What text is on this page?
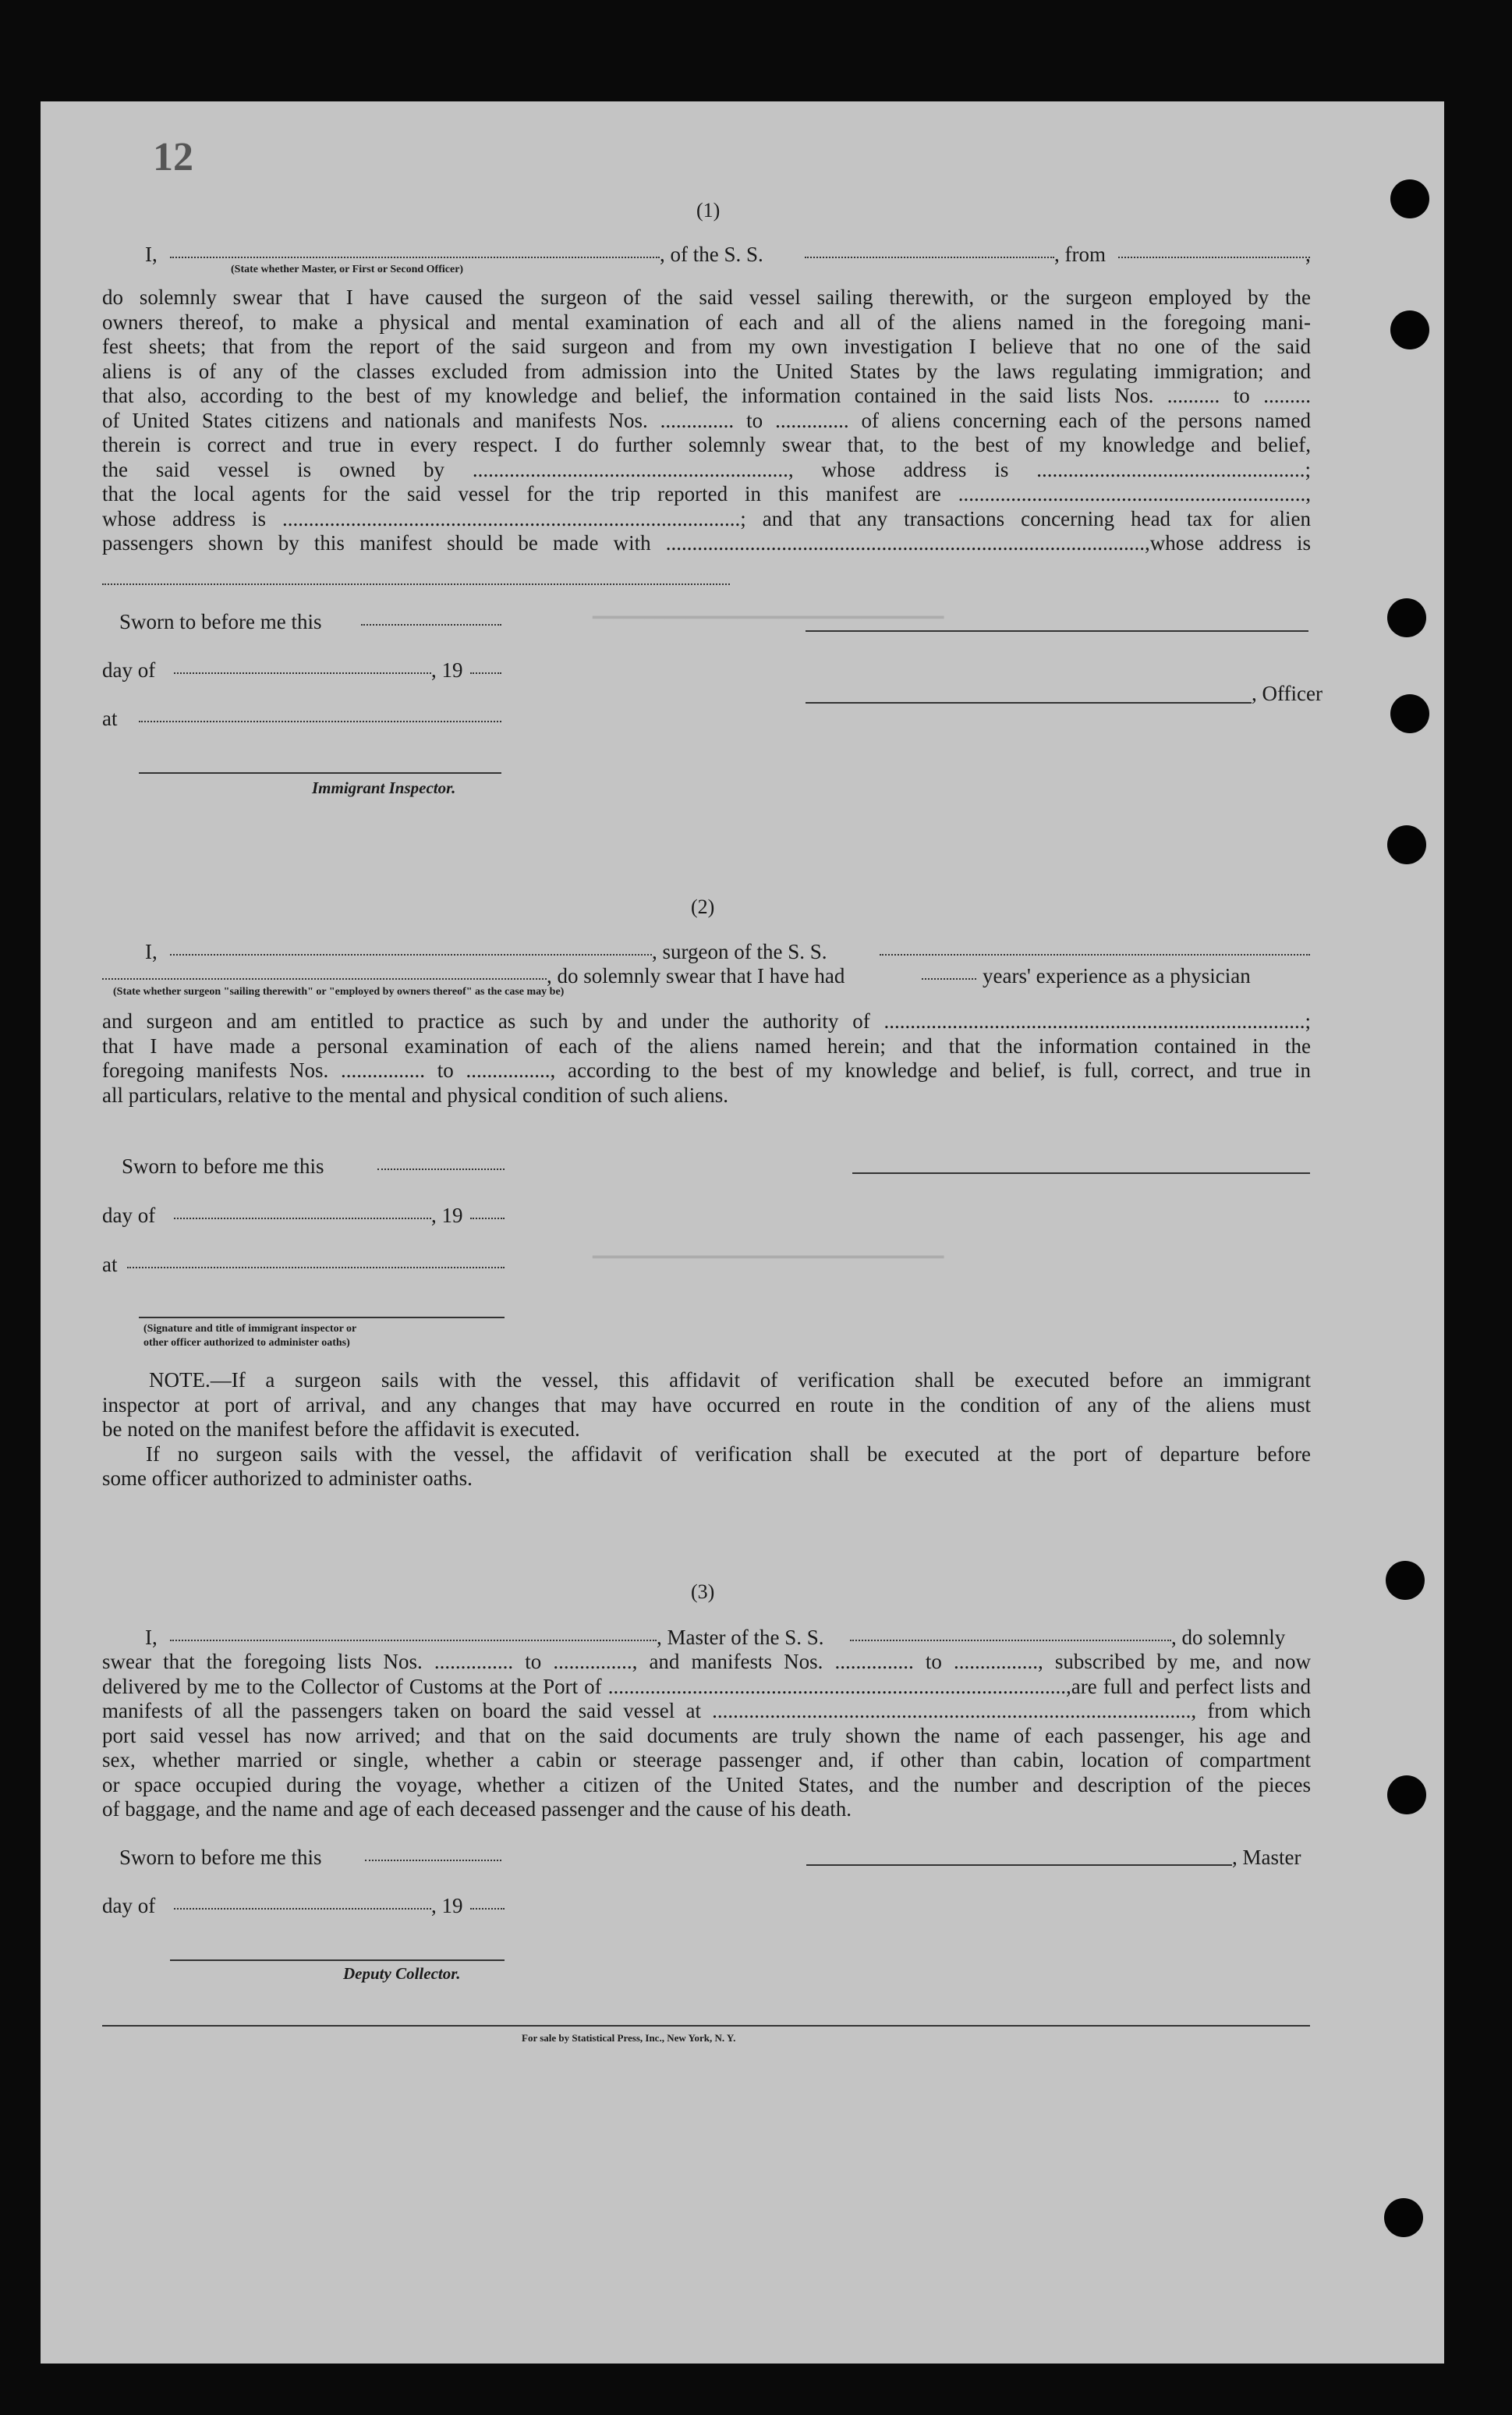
━━━━━━━━━━━━━━━━━━━━━━━━━━━━━━━━━━
━━━━━━━━━━━━━━━━━━━━━━━━━━━━━━━━━━
12
(1)
I,	, of the S. S.	, from	,
(State whether Master, or First or Second Officer)
do solemnly swear that I have caused the surgeon of the said vessel sailing therewith, or the surgeon employed by the
owners thereof, to make a physical and mental examination of each and all of the aliens named in the foregoing mani-
fest sheets; that from the report of the said surgeon and from my own investigation I believe that no one of the said
aliens is of any of the classes excluded from admission into the United States by the laws regulating immigration; and
that also, according to the best of my knowledge and belief, the information contained in the said lists Nos. .......... to .........
of United States citizens and nationals and manifests Nos. .............. to .............. of aliens concerning each of the persons named
therein is correct and true in every respect. I do further solemnly swear that, to the best of my knowledge and belief,
the said vessel is owned by ............................................................, whose address is ...................................................;
that the local agents for the said vessel for the trip reported in this manifest are ..................................................................,
whose address is .......................................................................................; and that any transactions concerning head tax for alien
passengers shown by this manifest should be made with ...........................................................................................,whose address is
Sworn to before me this
day of	, 19
, Officer
at
Immigrant Inspector.
(2)
I,	, surgeon of the S. S.
, do solemnly swear that I have had	years' experience as a physician
(State whether surgeon "sailing therewith" or "employed by owners thereof" as the case may be)
and surgeon and am entitled to practice as such by and under the authority of ................................................................................;
that I have made a personal examination of each of the aliens named herein; and that the information contained in the
foregoing manifests Nos. ................ to ................, according to the best of my knowledge and belief, is full, correct, and true in
all particulars, relative to the mental and physical condition of such aliens.
Sworn to before me this
day of	, 19
at
(Signature and title of immigrant inspector or
other officer authorized to administer oaths)
NOTE.—If a surgeon sails with the vessel, this affidavit of verification shall be executed before an immigrant
inspector at port of arrival, and any changes that may have occurred en route in the condition of any of the aliens must
be noted on the manifest before the affidavit is executed.
If no surgeon sails with the vessel, the affidavit of verification shall be executed at the port of departure before
some officer authorized to administer oaths.
(3)
I,	, Master of the S. S.	, do solemnly
swear that the foregoing lists Nos. ............... to ..............., and manifests Nos. ............... to ................, subscribed by me, and now
delivered by me to the Collector of Customs at the Port of .......................................................................................,are full and perfect lists and
manifests of all the passengers taken on board the said vessel at ..........................................................................................., from which
port said vessel has now arrived; and that on the said documents are truly shown the name of each passenger, his age and
sex, whether married or single, whether a cabin or steerage passenger and, if other than cabin, location of compartment
or space occupied during the voyage, whether a citizen of the United States, and the number and description of the pieces
of baggage, and the name and age of each deceased passenger and the cause of his death.
Sworn to before me this	, Master
day of	, 19
Deputy Collector.
For sale by Statistical Press, Inc., New York, N. Y.
